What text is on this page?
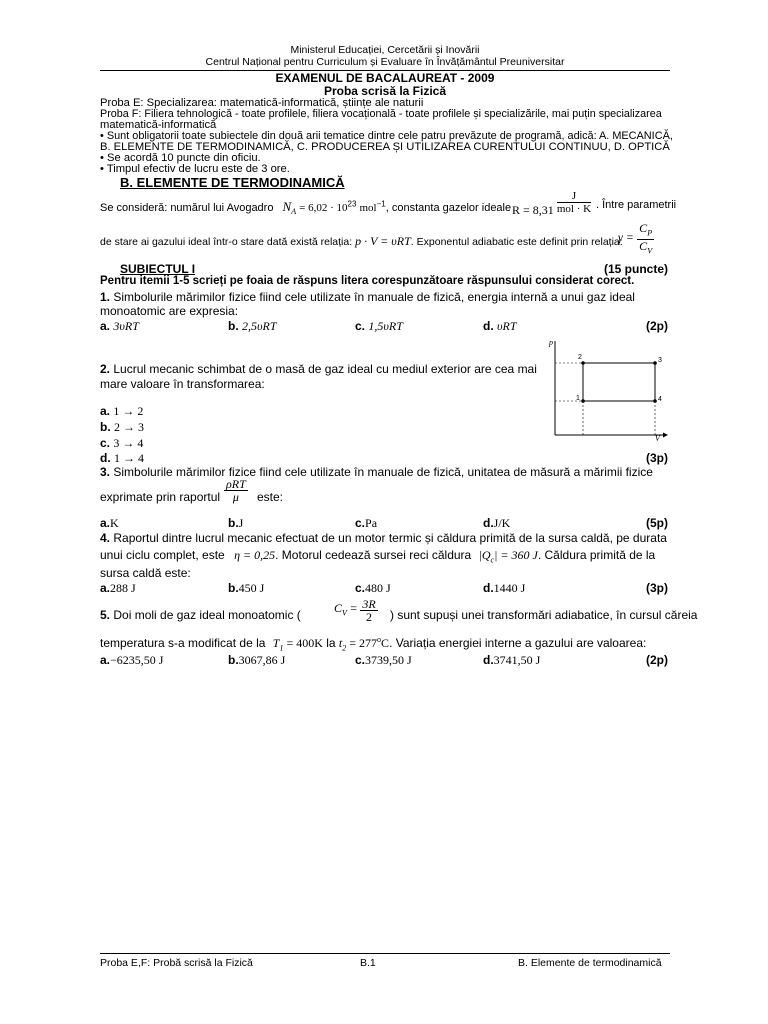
Ministerul Educației, Cercetării și Inovării
Centrul Național pentru Curriculum și Evaluare în Învățământul Preuniversitar
EXAMENUL DE BACALAUREAT - 2009
Proba scrisă la Fizică
Proba E: Specializarea: matematică-informatică, științe ale naturii
Proba F: Filiera tehnologică - toate profilele, filiera vocațională - toate profilele și specializările, mai puțin specializarea
matematică-informatică
• Sunt obligatorii toate subiectele din două arii tematice dintre cele patru prevăzute de programă, adică: A. MECANICĂ,
B. ELEMENTE DE TERMODINAMICĂ, C. PRODUCEREA ȘI UTILIZAREA CURENTULUI CONTINUU, D. OPTICĂ
• Se acordă 10 puncte din oficiu.
• Timpul efectiv de lucru este de 3 ore.
B. ELEMENTE DE TERMODINAMICĂ
Se consideră: numărul lui Avogadro $N_A = 6,02 \cdot 10^{23}$ mol$^{-1}$, constanta gazelor ideale $R = 8,31 \frac{J}{\text{mol · K}}$ . Între parametrii
de stare ai gazului ideal într-o stare dată există relația: p · V = υRT. Exponentul adiabatic este definit prin relația:
$\gamma = \frac{C_P}{C_V}$
SUBIECTUL I	(15 puncte)
Pentru itemii 1-5 scrieți pe foaia de răspuns litera corespunzătoare răspunsului considerat corect.
1. Simbolurile mărimilor fizice fiind cele utilizate în manuale de fizică, energia internă a unui gaz ideal
monoatomic are expresia:
a. 3υRT	b. 2,5υRT	c. 1,5υRT	d. υRT	(2p)
p
V
2	3
1	4
2. Lucrul mecanic schimbat de o masă de gaz ideal cu mediul exterior are cea mai
mare valoare în transformarea:
a. 1 → 2
b. 2 → 3
c. 3 → 4
d. 1 → 4	(3p)
3. Simbolurile mărimilor fizice fiind cele utilizate în manuale de fizică, unitatea de măsură a mărimii fizice
exprimate prin raportul $\frac{\text{ρRT}}{\mu}$ este:
a. K	b. J	c. Pa	d. J/K	(5p)
4. Raportul dintre lucrul mecanic efectuat de un motor termic și căldura primită de la sursa caldă, pe durata
unui ciclu complet, este η = 0,25. Motorul cedează sursei reci căldura $|Q_c| = 360$ J. Căldura primită de la
sursa caldă este:
a. 288 J	b. 450 J	c. 480 J	d. 1440 J	(3p)
5. Doi moli de gaz ideal monoatomic (
$C_V = \frac{3R}{2}$ ) sunt supuși unei transformări adiabatice, în cursul căreia
temperatura s-a modificat de la $T_1 = 400K$ la $t_2 = 277^oC$. Variația energiei interne a gazului are valoarea:
a. −6235,50 J	b. 3067,86 J	c. 3739,50 J	d. 3741,50 J	(2p)
Proba E,F: Probă scrisă la Fizică	B.1	B. Elemente de termodinamică
